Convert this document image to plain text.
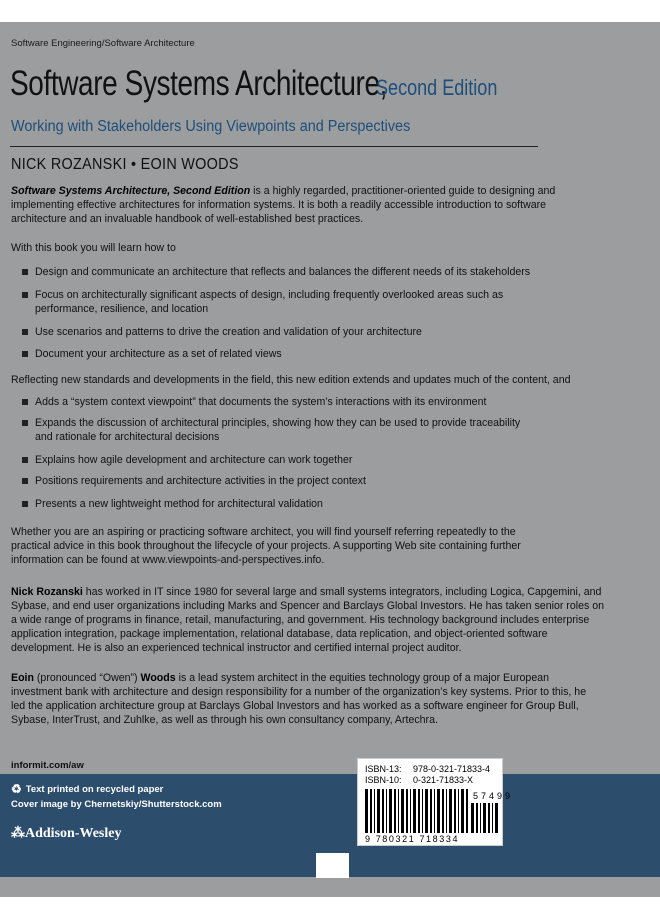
Software Engineering/Software Architecture
Software Systems Architecture,
Second Edition
Working with Stakeholders Using Viewpoints and Perspectives
NICK ROZANSKI • EOIN WOODS

Software Systems Architecture, Second Edition is a highly regarded, practitioner-oriented guide to designing and implementing effective architectures for information systems. It is both a readily accessible introduction to software architecture and an invaluable handbook of well-established best practices.

With this book you will learn how to
Design and communicate an architecture that reflects and balances the different needs of its stakeholders
Focus on architecturally significant aspects of design, including frequently overlooked areas such as performance, resilience, and location
Use scenarios and patterns to drive the creation and validation of your architecture
Document your architecture as a set of related views
Reflecting new standards and developments in the field, this new edition extends and updates much of the content, and
Adds a “system context viewpoint” that documents the system’s interactions with its environment
Expands the discussion of architectural principles, showing how they can be used to provide traceability and rationale for architectural decisions
Explains how agile development and architecture can work together
Positions requirements and architecture activities in the project context
Presents a new lightweight method for architectural validation

Whether you are an aspiring or practicing software architect, you will find yourself referring repeatedly to the practical advice in this book throughout the lifecycle of your projects. A supporting Web site containing further information can be found at www.viewpoints-and-perspectives.info.

Nick Rozanski has worked in IT since 1980 for several large and small systems integrators, including Logica, Capgemini, and Sybase, and end user organizations including Marks and Spencer and Barclays Global Investors. He has taken senior roles on a wide range of programs in finance, retail, manufacturing, and government. His technology background includes enterprise application integration, package implementation, relational database, data replication, and object-oriented software development. He is also an experienced technical instructor and certified internal project auditor.

Eoin (pronounced “Owen”) Woods is a lead system architect in the equities technology group of a major European investment bank with architecture and design responsibility for a number of the organization’s key systems. Prior to this, he led the application architecture group at Barclays Global Investors and has worked as a software engineer for Group Bull, Sybase, InterTrust, and Zuhlke, as well as through his own consultancy company, Artechra.

informit.com/aw
♻ Text printed on recycled paper
Cover image by Chernetskiy/Shutterstock.com
⁂Addison-Wesley
ISBN-13: 978-0-321-71833-4
ISBN-10: 0-321-71833-X
57499
9 780321 718334
